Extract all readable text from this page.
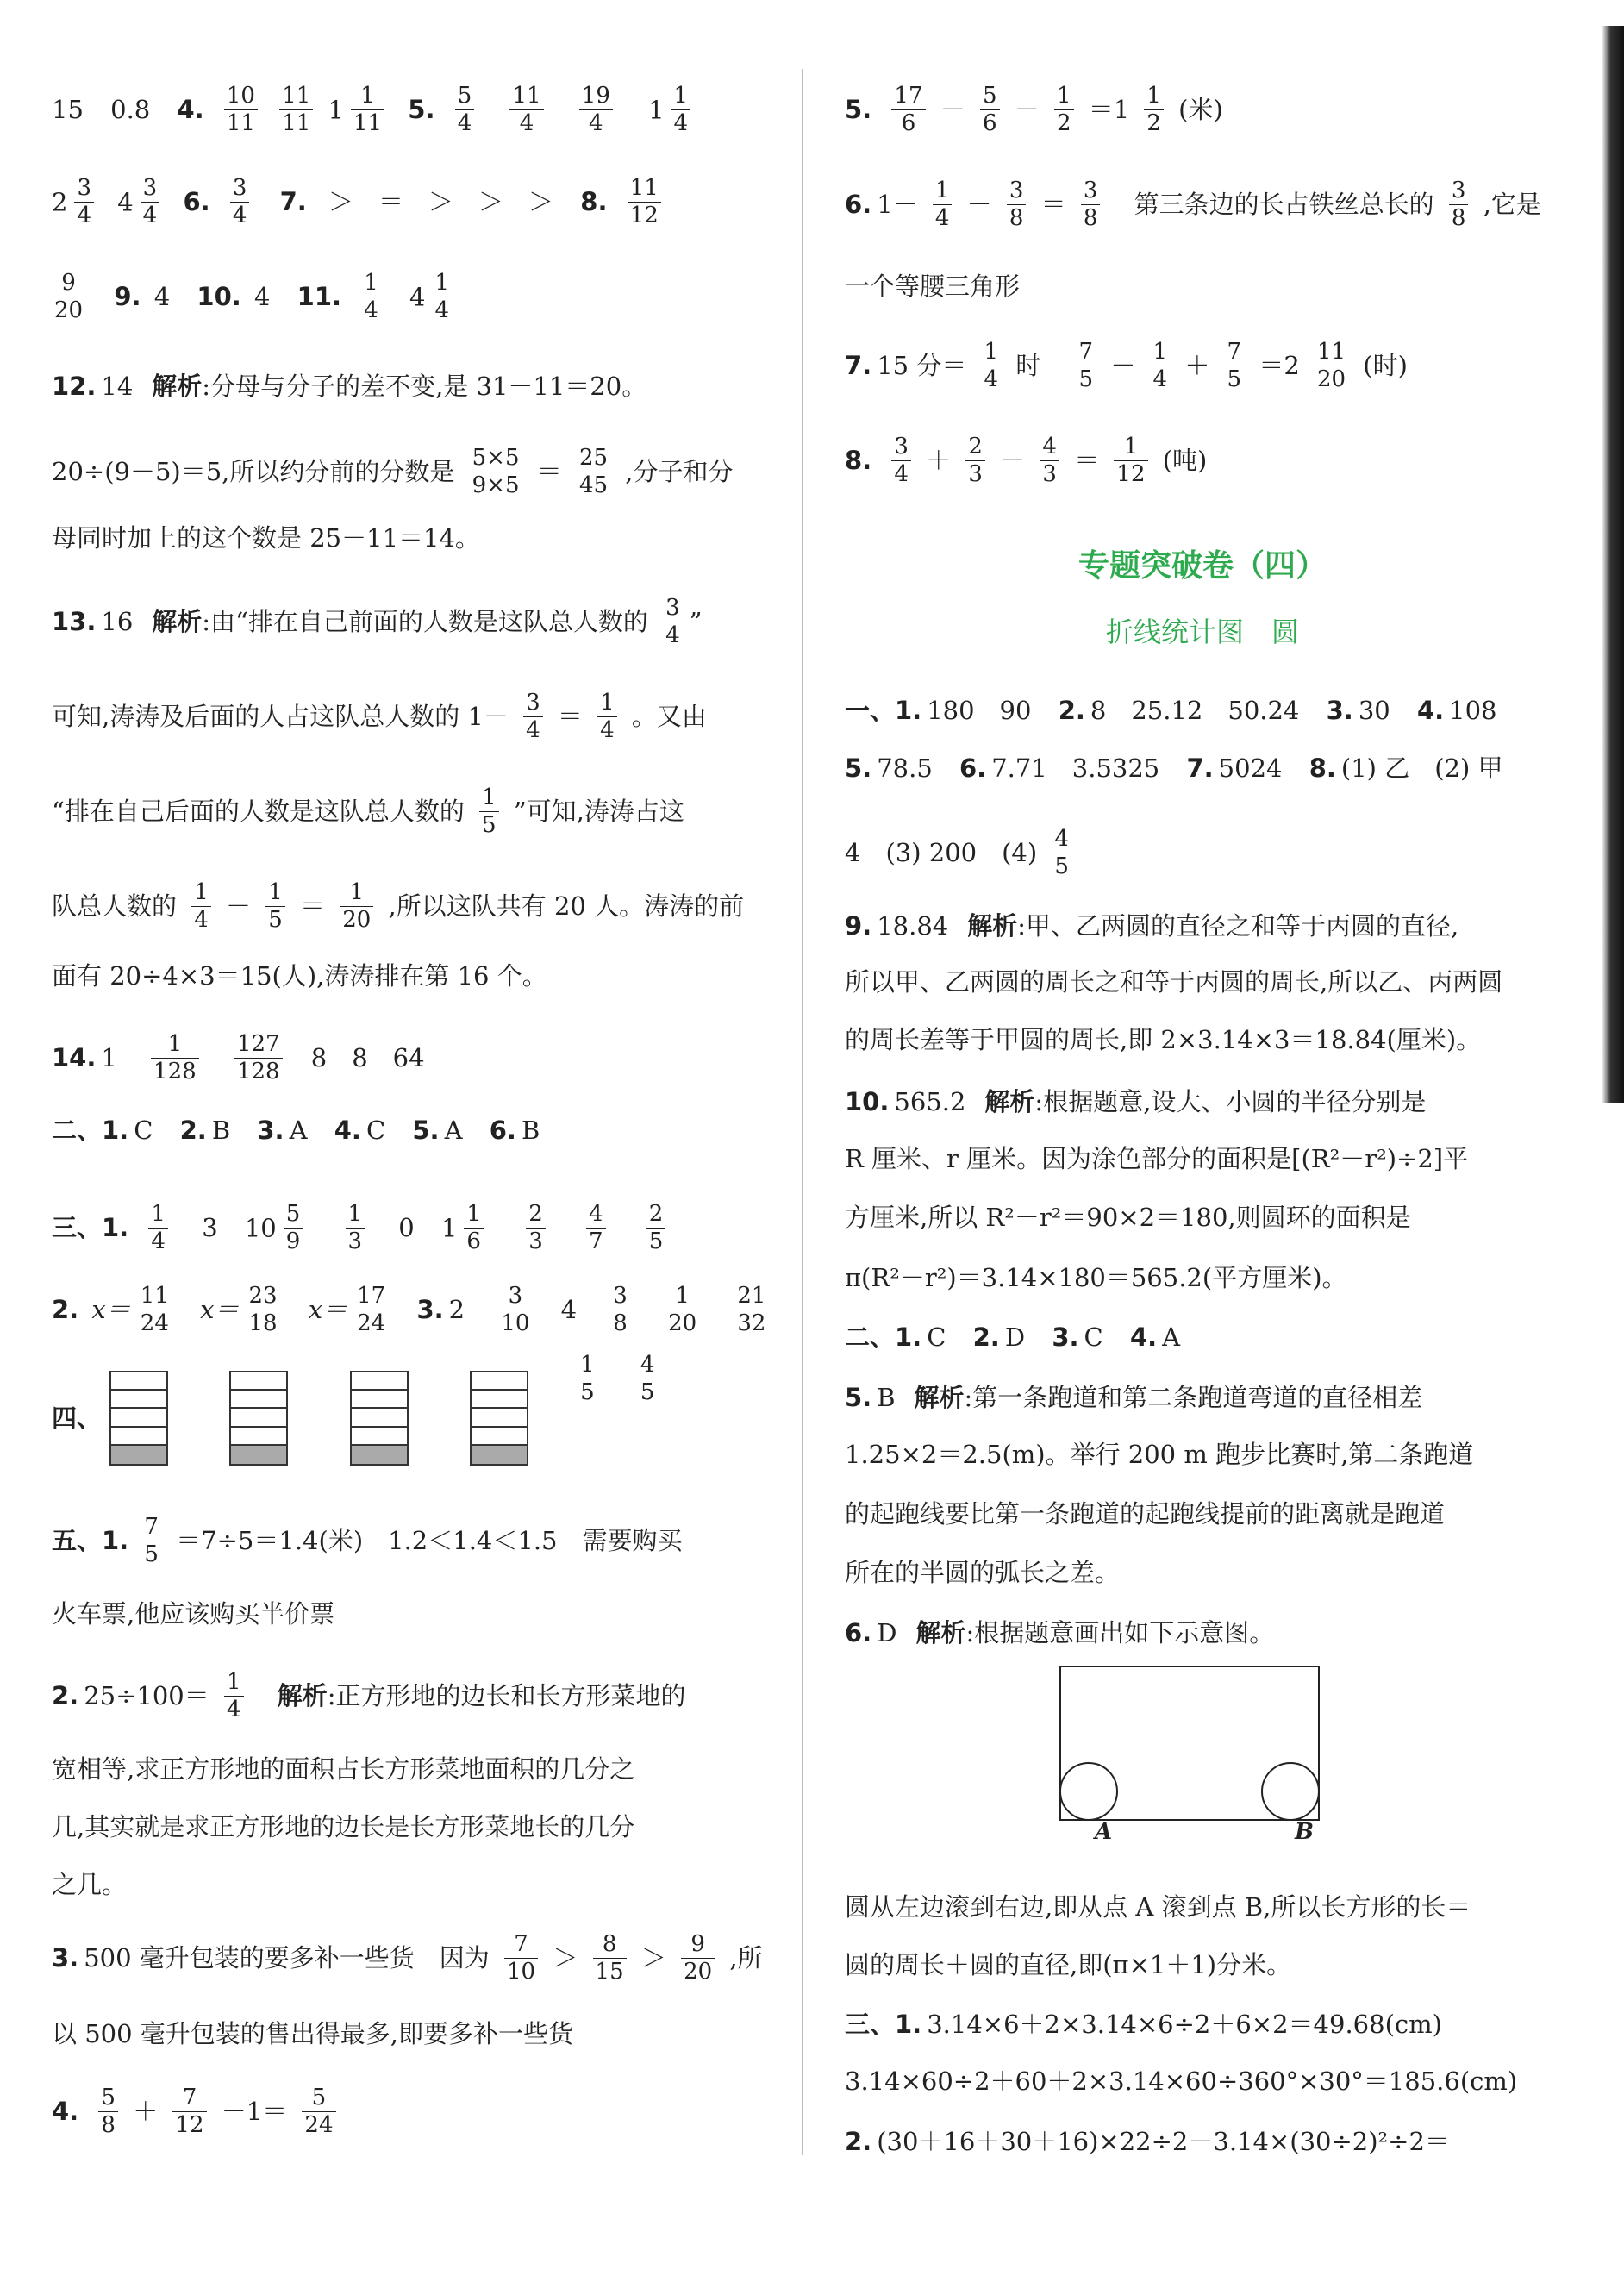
15 0.8 4. $\frac{10}{11}$
$\frac{11}{11} 1 \frac{1}{11} 5$. $\frac{5}{4}$
$\frac{11}{4}$
$\frac{19}{4} 1 \frac{1}{4}$
$2 \frac{3}{4} 4 \frac{3}{4} 6$. $\frac{3}{4} 7$. ＞　＝　＞　＞　＞ 8. $\frac{11}{12}$
$\frac{9}{20} 9$. 4 10. 4 11. $\frac{1}{4} 4 \frac{1}{4}$
12. 14 解析:分母与分子的差不变,是 31－11＝20。
20÷(9－5)＝5,所以约分前的分数是 $\frac{5\times 5}{9\times 5} = \frac{25}{45}$ ,分子和分
母同时加上的这个数是 25－11＝14。
13. 16 解析:由“排在自己前面的人数是这队总人数的 $\frac{3}{4}$ ”
可知,涛涛及后面的人占这队总人数的 $1- \frac{3}{4} = \frac{1}{4}$ 。又由
“排在自己后面的人数是这队总人数的 $\frac{1}{5}$ ”可知,涛涛占这
队总人数的 $\frac{1}{4} - \frac{1}{5} = \frac{1}{20}$ ,所以这队共有 20 人。涛涛的前
面有 20÷4×3＝15(人),涛涛排在第 16 个。
14. $1 \frac{1}{128}$
$\frac{127}{128} 8$　8　64
二、1. C 2. B 3. A 4. C 5. A 6. B
三、1. $\frac{1}{4} 3$ $10 \frac{5}{9}$
$\frac{1}{3} 0$ $1 \frac{1}{6}$
$\frac{2}{3}$
$\frac{4}{7}$
$\frac{2}{5}$
2. $x= \frac{11}{24} x= \frac{23}{18} x= \frac{17}{24} 3$. $2 \frac{3}{10} 4 \frac{3}{8}$
$\frac{1}{20}$
$\frac{21}{32}$
四、

$\frac{1}{5}$
$\frac{4}{5}$
五、1. $\frac{7}{5} =7\div 5=1.4$(米)　1.2＜1.4＜1.5　需要购买
火车票,他应该购买半价票
2. $25\div 100= \frac{1}{4}$ 解析:正方形地的边长和长方形菜地的
宽相等,求正方形地的面积占长方形菜地面积的几分之
几,其实就是求正方形地的边长是长方形菜地长的几分
之几。
3. 500 毫升包装的要多补一些货　因为 $\frac{7}{10} > \frac{8}{15} > \frac{9}{20}$ ,所
以 500 毫升包装的售出得最多,即要多补一些货
4. $\frac{5}{8} + \frac{7}{12} -1= \frac{5}{24}$
5. $\frac{17}{6} - \frac{5}{6} - \frac{1}{2} =1 \frac{1}{2}$ (米)
6. $1- \frac{1}{4} - \frac{3}{8} = \frac{3}{8}$ 第三条边的长占铁丝总长的 $\frac{3}{8}$ ,它是
一个等腰三角形
7. 15 分＝ $\frac{1}{4}$ 时 $\frac{7}{5} - \frac{1}{4} + \frac{7}{5} =2 \frac{11}{20}$ (时)
8. $\frac{3}{4} + \frac{2}{3} - \frac{4}{3} = \frac{1}{12}$ (吨)
专题突破卷（四）
折线统计图　圆
一、1. 180　90 2. 8　25.12　50.24 3. 30 4. 108
5. 78.5 6. 7.71　3.5325 7. 5024 8. (1) 乙　(2) 甲
4　(3) 200　$(4) \frac{4}{5}$
9. 18.84 解析:甲、乙两圆的直径之和等于丙圆的直径,
所以甲、乙两圆的周长之和等于丙圆的周长,所以乙、丙两圆
的周长差等于甲圆的周长,即 2×3.14×3＝18.84(厘米)。
10. 565.2 解析:根据题意,设大、小圆的半径分别是
R 厘米、r 厘米。因为涂色部分的面积是[(R²－r²)÷2]平
方厘米,所以 R²－r²＝90×2＝180,则圆环的面积是
π(R²－r²)＝3.14×180＝565.2(平方厘米)。
二、1. C 2. D 3. C 4. A
5. B 解析:第一条跑道和第二条跑道弯道的直径相差
1.25×2＝2.5(m)。举行 200 m 跑步比赛时,第二条跑道
的起跑线要比第一条跑道的起跑线提前的距离就是跑道
所在的半圆的弧长之差。
6. D 解析:根据题意画出如下示意图。
A	B
圆从左边滚到右边,即从点 A 滚到点 B,所以长方形的长＝
圆的周长＋圆的直径,即(π×1＋1)分米。
三、1. 3.14×6＋2×3.14×6÷2＋6×2＝49.68(cm)
3.14×60÷2＋60＋2×3.14×60÷360°×30°＝185.6(cm)
2. (30＋16＋30＋16)×22÷2－3.14×(30÷2)²÷2＝
